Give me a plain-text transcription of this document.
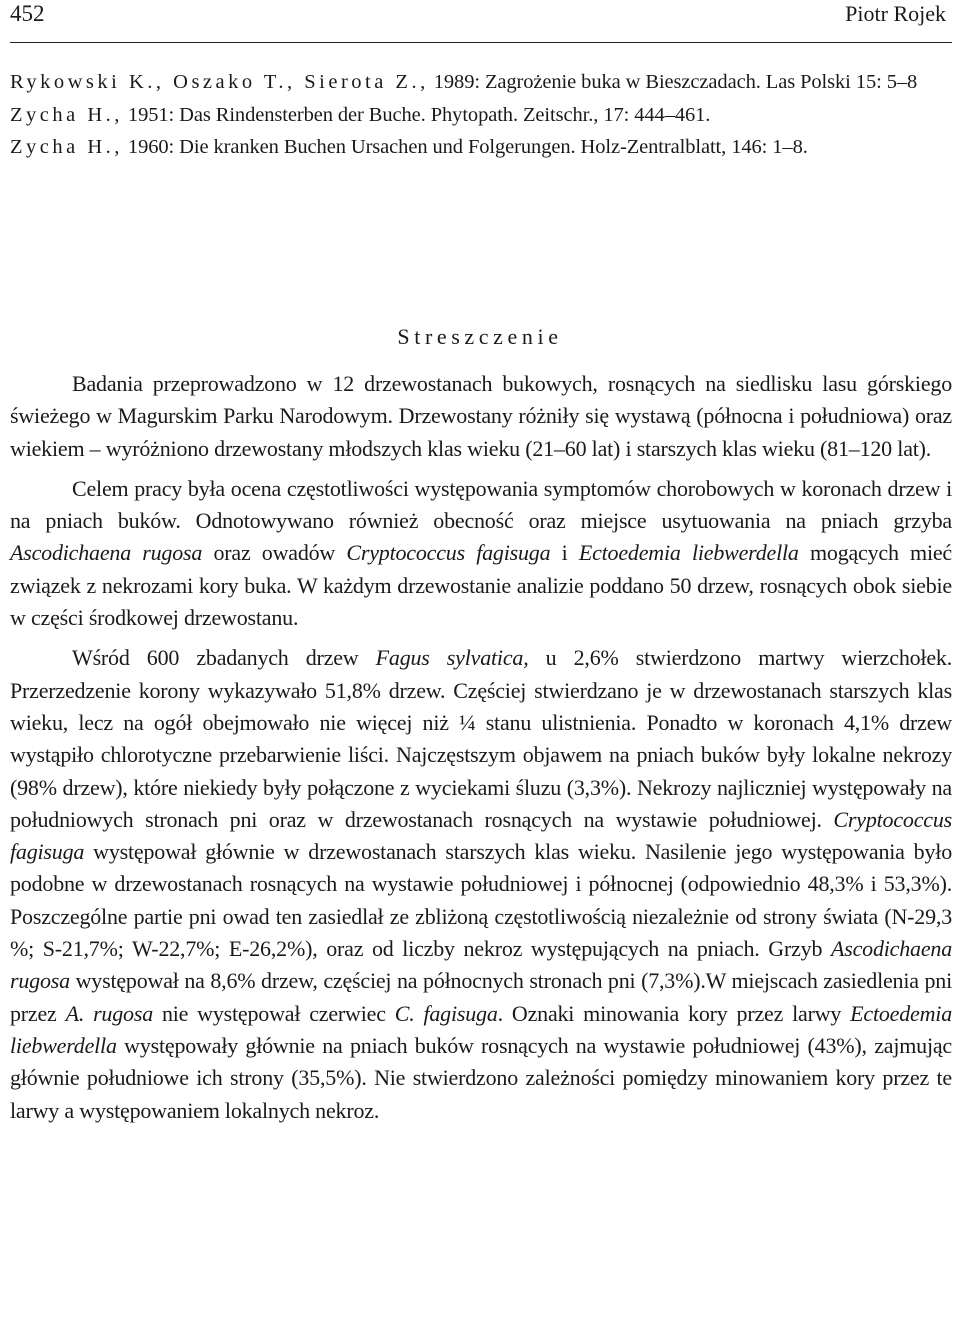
452	Piotr Rojek
Rykowski K., Oszako T., Sierota Z., 1989: Zagrożenie buka w Bieszczadach. Las Polski 15: 5–8
Zycha H., 1951: Das Rindensterben der Buche. Phytopath. Zeitschr., 17: 444–461.
Zycha H., 1960: Die kranken Buchen Ursachen und Folgerungen. Holz-Zentralblatt, 146: 1–8.
Streszczenie

Badania przeprowadzono w 12 drzewostanach bukowych, rosnących na siedlisku lasu górskiego świeżego w Magurskim Parku Narodowym. Drzewostany różniły się wystawą (północna i południowa) oraz wiekiem – wyróżniono drzewostany młodszych klas wieku (21–60 lat) i starszych klas wieku (81–120 lat).

Celem pracy była ocena częstotliwości występowania symptomów chorobowych w koronach drzew i na pniach buków. Odnotowywano również obecność oraz miejsce usytuowania na pniach grzyba Ascodichaena rugosa oraz owadów Cryptococcus fagisuga i Ectoedemia liebwerdella mogących mieć związek z nekrozami kory buka. W każdym drzewostanie analizie poddano 50 drzew, rosnących obok siebie w części środkowej drzewostanu.

Wśród 600 zbadanych drzew Fagus sylvatica, u 2,6% stwierdzono martwy wierzchołek. Przerzedzenie korony wykazywało 51,8% drzew. Częściej stwierdzano je w drzewostanach starszych klas wieku, lecz na ogół obejmowało nie więcej niż ¼ stanu ulistnienia. Ponadto w koronach 4,1% drzew wystąpiło chlorotyczne przebarwienie liści. Najczęstszym objawem na pniach buków były lokalne nekrozy (98% drzew), które niekiedy były połączone z wyciekami śluzu (3,3%). Nekrozy najliczniej występowały na południowych stronach pni oraz w drzewostanach rosnących na wystawie południowej. Cryptococcus fagisuga występował głównie w drzewostanach starszych klas wieku. Nasilenie jego występowania było podobne w drzewostanach rosnących na wystawie południowej i północnej (odpowiednio 48,3% i 53,3%). Poszczególne partie pni owad ten zasiedlał ze zbliżoną częstotliwością niezależnie od strony świata (N-29,3 %; S-21,7%; W-22,7%; E-26,2%), oraz od liczby nekroz występujących na pniach. Grzyb Ascodichaena rugosa występował na 8,6% drzew, częściej na północnych stronach pni (7,3%).W miejscach zasiedlenia pni przez A. rugosa nie występował czerwiec C. fagisuga. Oznaki minowania kory przez larwy Ectoedemia liebwerdella występowały głównie na pniach buków rosnących na wystawie południowej (43%), zajmując głównie południowe ich strony (35,5%). Nie stwierdzono zależności pomiędzy minowaniem kory przez te larwy a występowaniem lokalnych nekroz.
